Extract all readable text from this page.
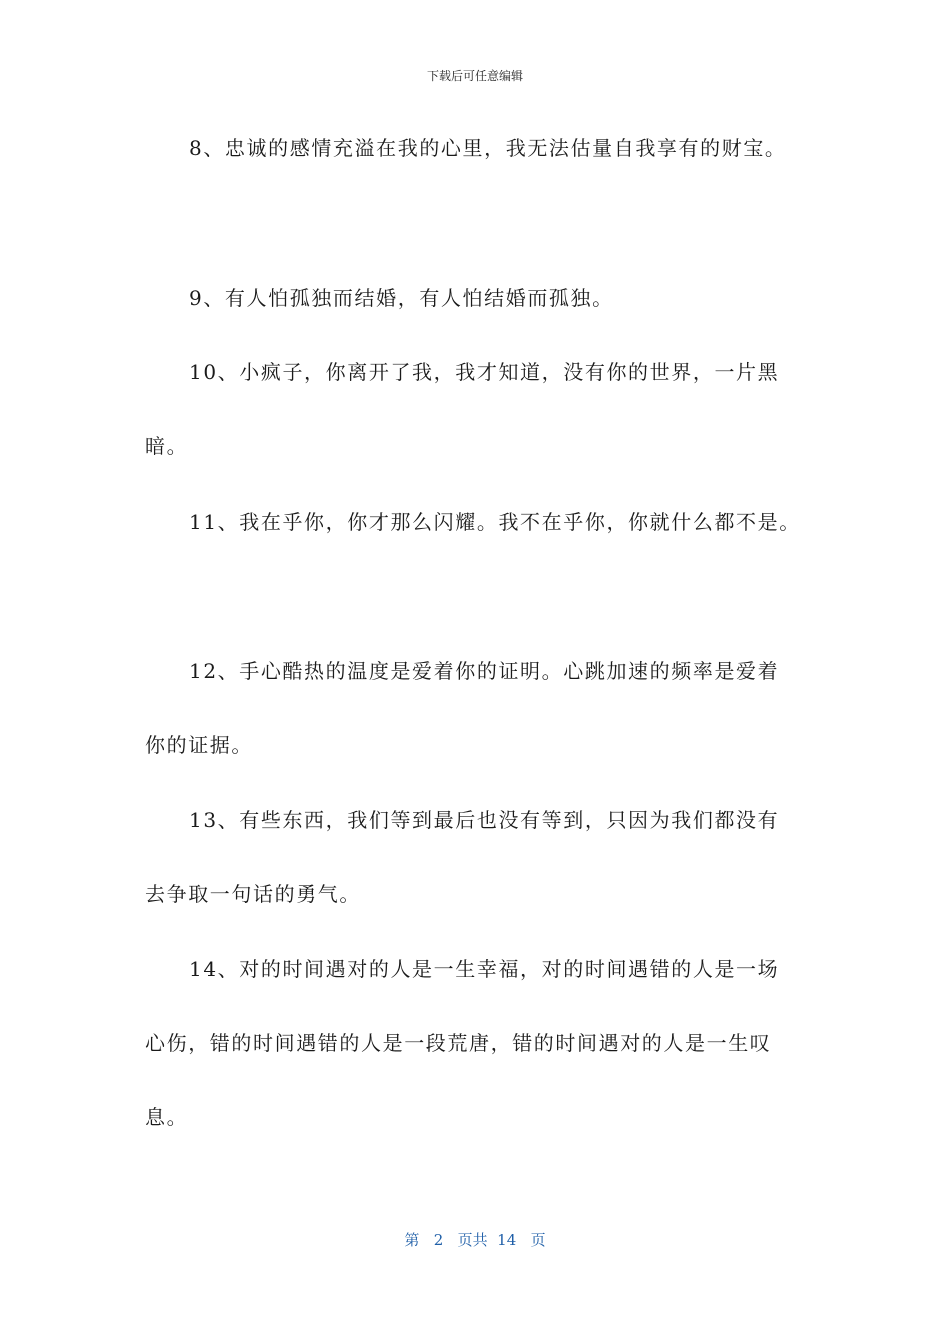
下载后可任意编辑
8、忠诚的感情充溢在我的心里，我无法估量自我享有的财宝。
9、有人怕孤独而结婚，有人怕结婚而孤独。
10、小疯子，你离开了我，我才知道，没有你的世界，一片黑
暗。
11、我在乎你，你才那么闪耀。我不在乎你，你就什么都不是。
12、手心酷热的温度是爱着你的证明。心跳加速的频率是爱着
你的证据。
13、有些东西，我们等到最后也没有等到，只因为我们都没有
去争取一句话的勇气。
14、对的时间遇对的人是一生幸福，对的时间遇错的人是一场
心伤，错的时间遇错的人是一段荒唐，错的时间遇对的人是一生叹
息。
第 2 页共 14 页
